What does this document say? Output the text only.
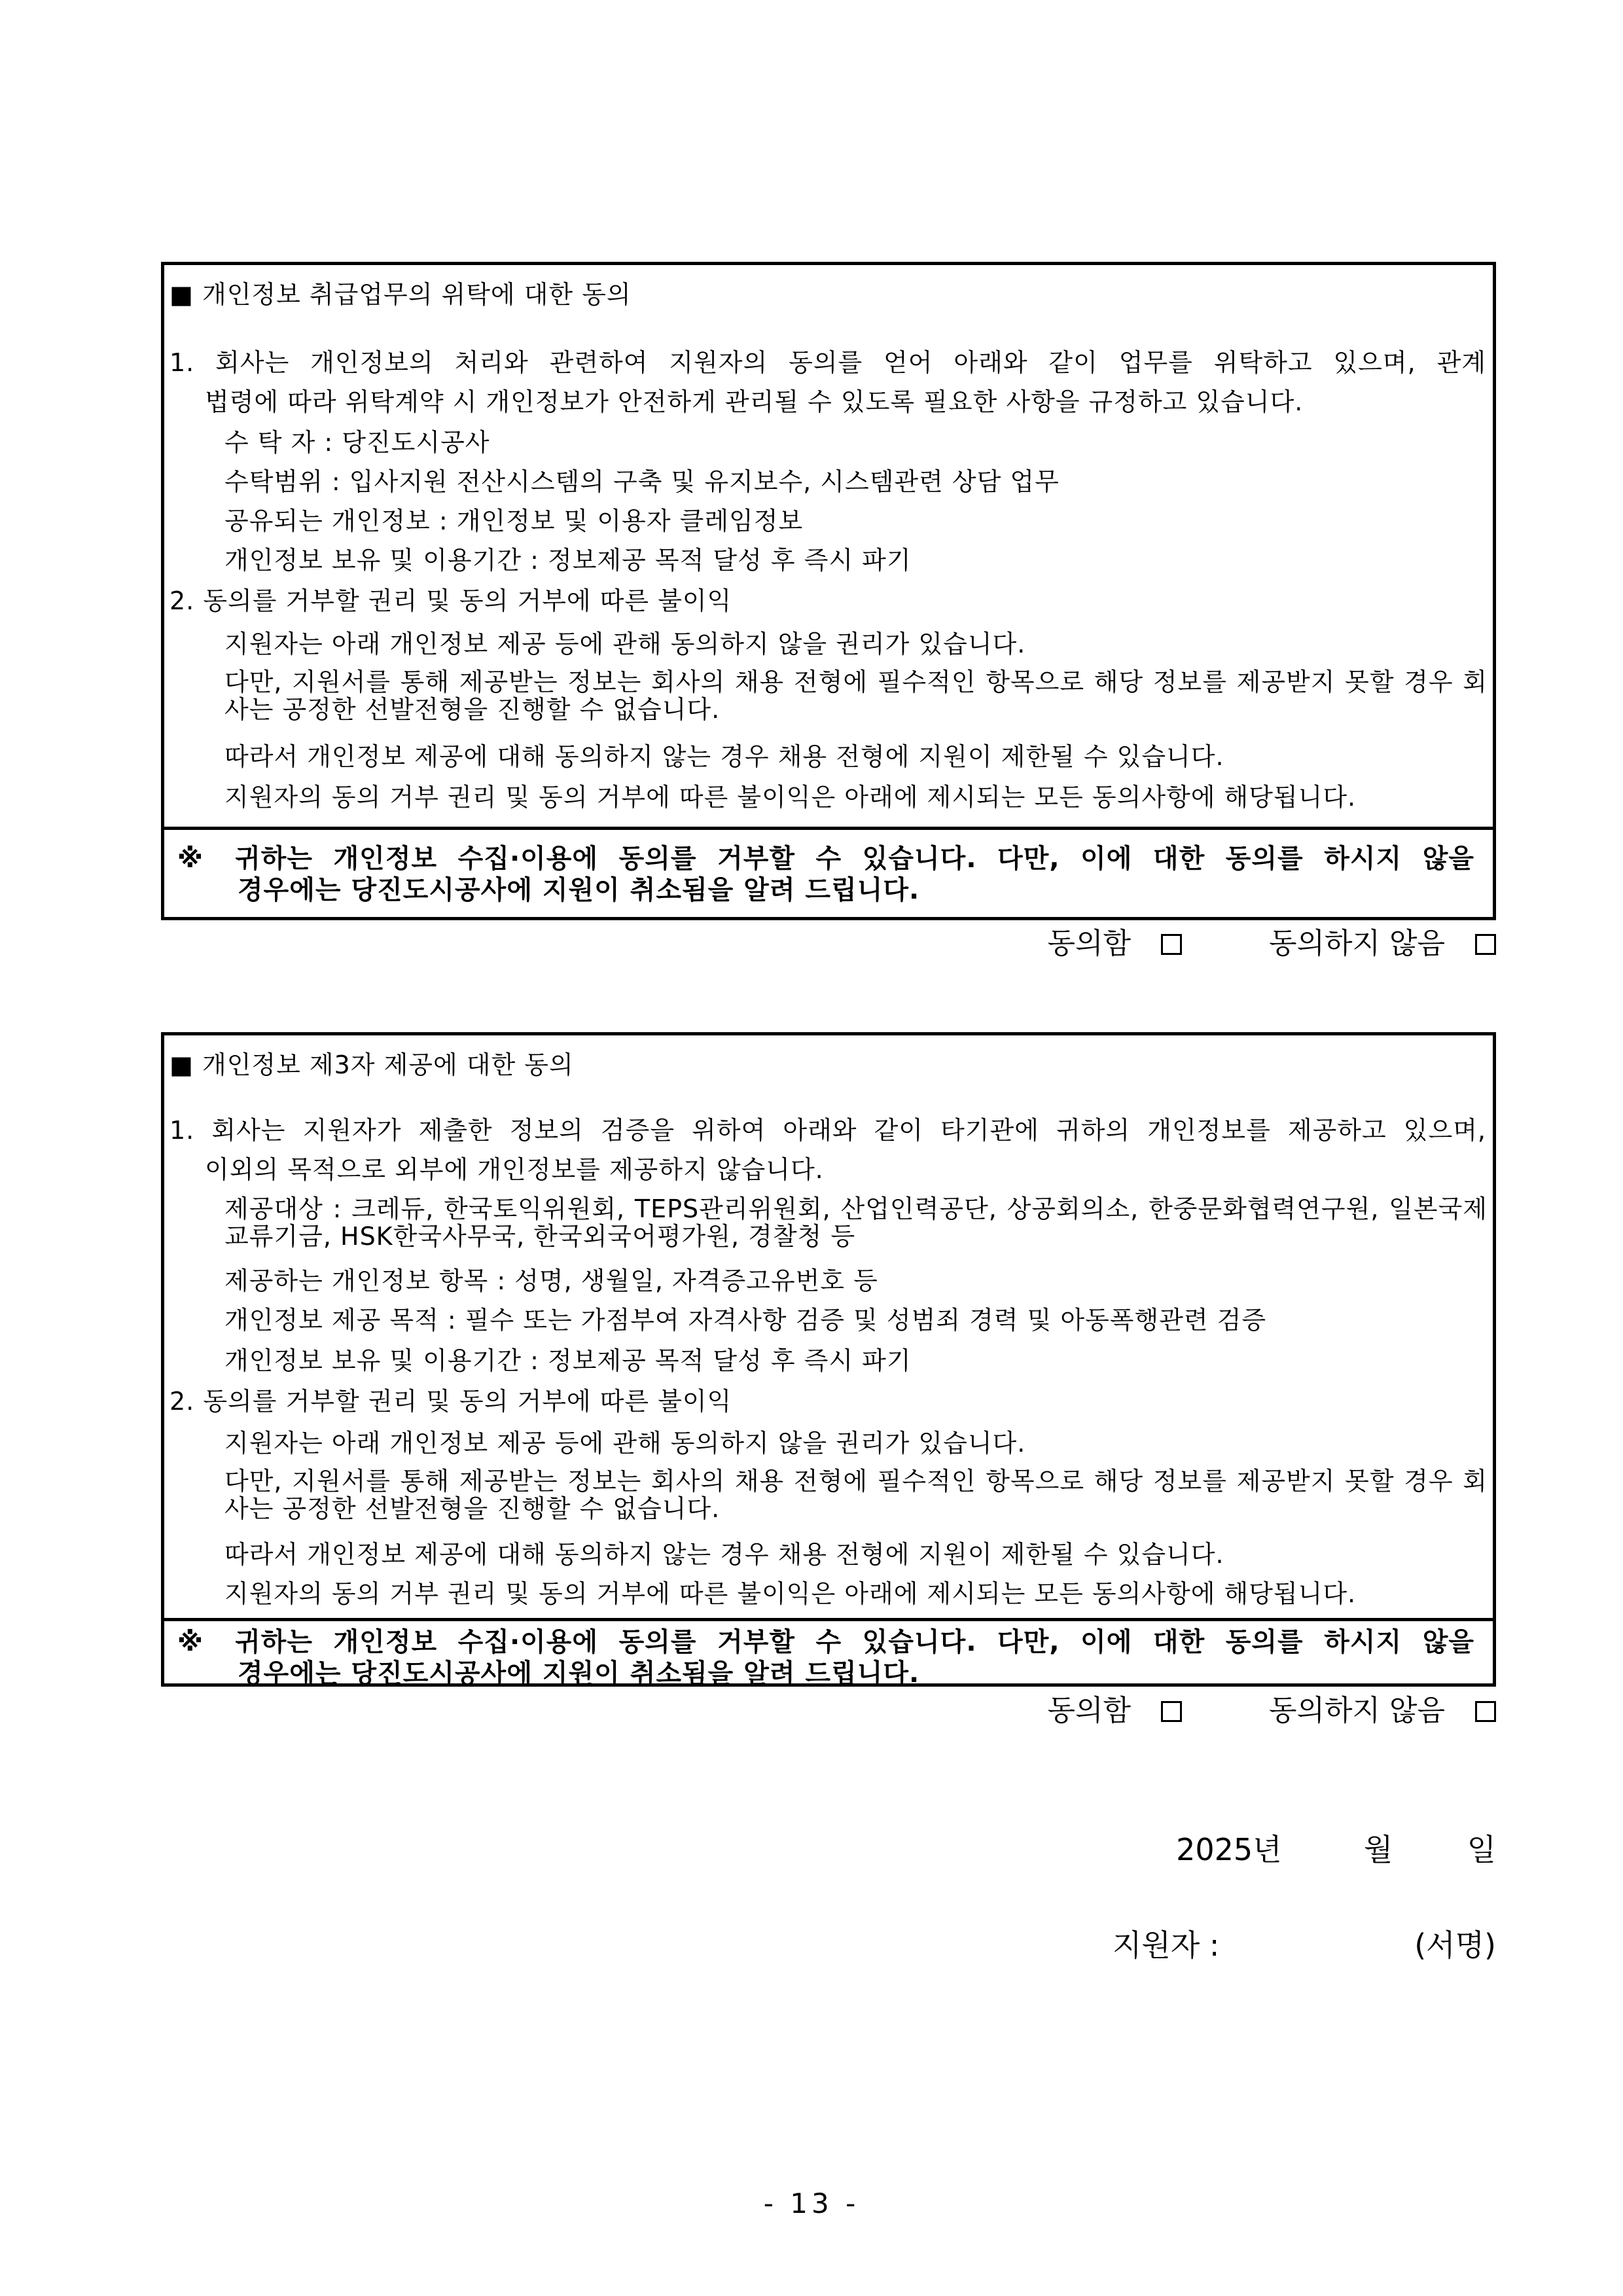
■ 개인정보 취급업무의 위탁에 대한 동의
1. 회사는 개인정보의 처리와 관련하여 지원자의 동의를 얻어 아래와 같이 업무를 위탁하고 있으며, 관계
법령에 따라 위탁계약 시 개인정보가 안전하게 관리될 수 있도록 필요한 사항을 규정하고 있습니다.
수 탁 자 : 당진도시공사
수탁범위 : 입사지원 전산시스템의 구축 및 유지보수, 시스템관련 상담 업무
공유되는 개인정보 : 개인정보 및 이용자 클레임정보
개인정보 보유 및 이용기간 : 정보제공 목적 달성 후 즉시 파기
2. 동의를 거부할 권리 및 동의 거부에 따른 불이익
지원자는 아래 개인정보 제공 등에 관해 동의하지 않을 권리가 있습니다.
다만, 지원서를 통해 제공받는 정보는 회사의 채용 전형에 필수적인 항목으로 해당 정보를 제공받지 못할 경우 회사는 공정한 선발전형을 진행할 수 없습니다.
따라서 개인정보 제공에 대해 동의하지 않는 경우 채용 전형에 지원이 제한될 수 있습니다.
지원자의 동의 거부 권리 및 동의 거부에 따른 불이익은 아래에 제시되는 모든 동의사항에 해당됩니다.
※ 귀하는 개인정보 수집·이용에 동의를 거부할 수 있습니다. 다만, 이에 대한 동의를 하시지 않을
경우에는 당진도시공사에 지원이 취소됨을 알려 드립니다.
동의함	동의하지 않음
■ 개인정보 제3자 제공에 대한 동의
1. 회사는 지원자가 제출한 정보의 검증을 위하여 아래와 같이 타기관에 귀하의 개인정보를 제공하고 있으며,
이외의 목적으로 외부에 개인정보를 제공하지 않습니다.
제공대상 : 크레듀, 한국토익위원회, TEPS관리위원회, 산업인력공단, 상공회의소, 한중문화협력연구원, 일본국제교류기금, HSK한국사무국, 한국외국어평가원, 경찰청 등
제공하는 개인정보 항목 : 성명, 생월일, 자격증고유번호 등
개인정보 제공 목적 : 필수 또는 가점부여 자격사항 검증 및 성범죄 경력 및 아동폭행관련 검증
개인정보 보유 및 이용기간 : 정보제공 목적 달성 후 즉시 파기
2. 동의를 거부할 권리 및 동의 거부에 따른 불이익
지원자는 아래 개인정보 제공 등에 관해 동의하지 않을 권리가 있습니다.
다만, 지원서를 통해 제공받는 정보는 회사의 채용 전형에 필수적인 항목으로 해당 정보를 제공받지 못할 경우 회사는 공정한 선발전형을 진행할 수 없습니다.
따라서 개인정보 제공에 대해 동의하지 않는 경우 채용 전형에 지원이 제한될 수 있습니다.
지원자의 동의 거부 권리 및 동의 거부에 따른 불이익은 아래에 제시되는 모든 동의사항에 해당됩니다.
※ 귀하는 개인정보 수집·이용에 동의를 거부할 수 있습니다. 다만, 이에 대한 동의를 하시지 않을
경우에는 당진도시공사에 지원이 취소됨을 알려 드립니다.
동의함	동의하지 않음
2025년	월 일
지원자 :	(서명)
- 13 -
